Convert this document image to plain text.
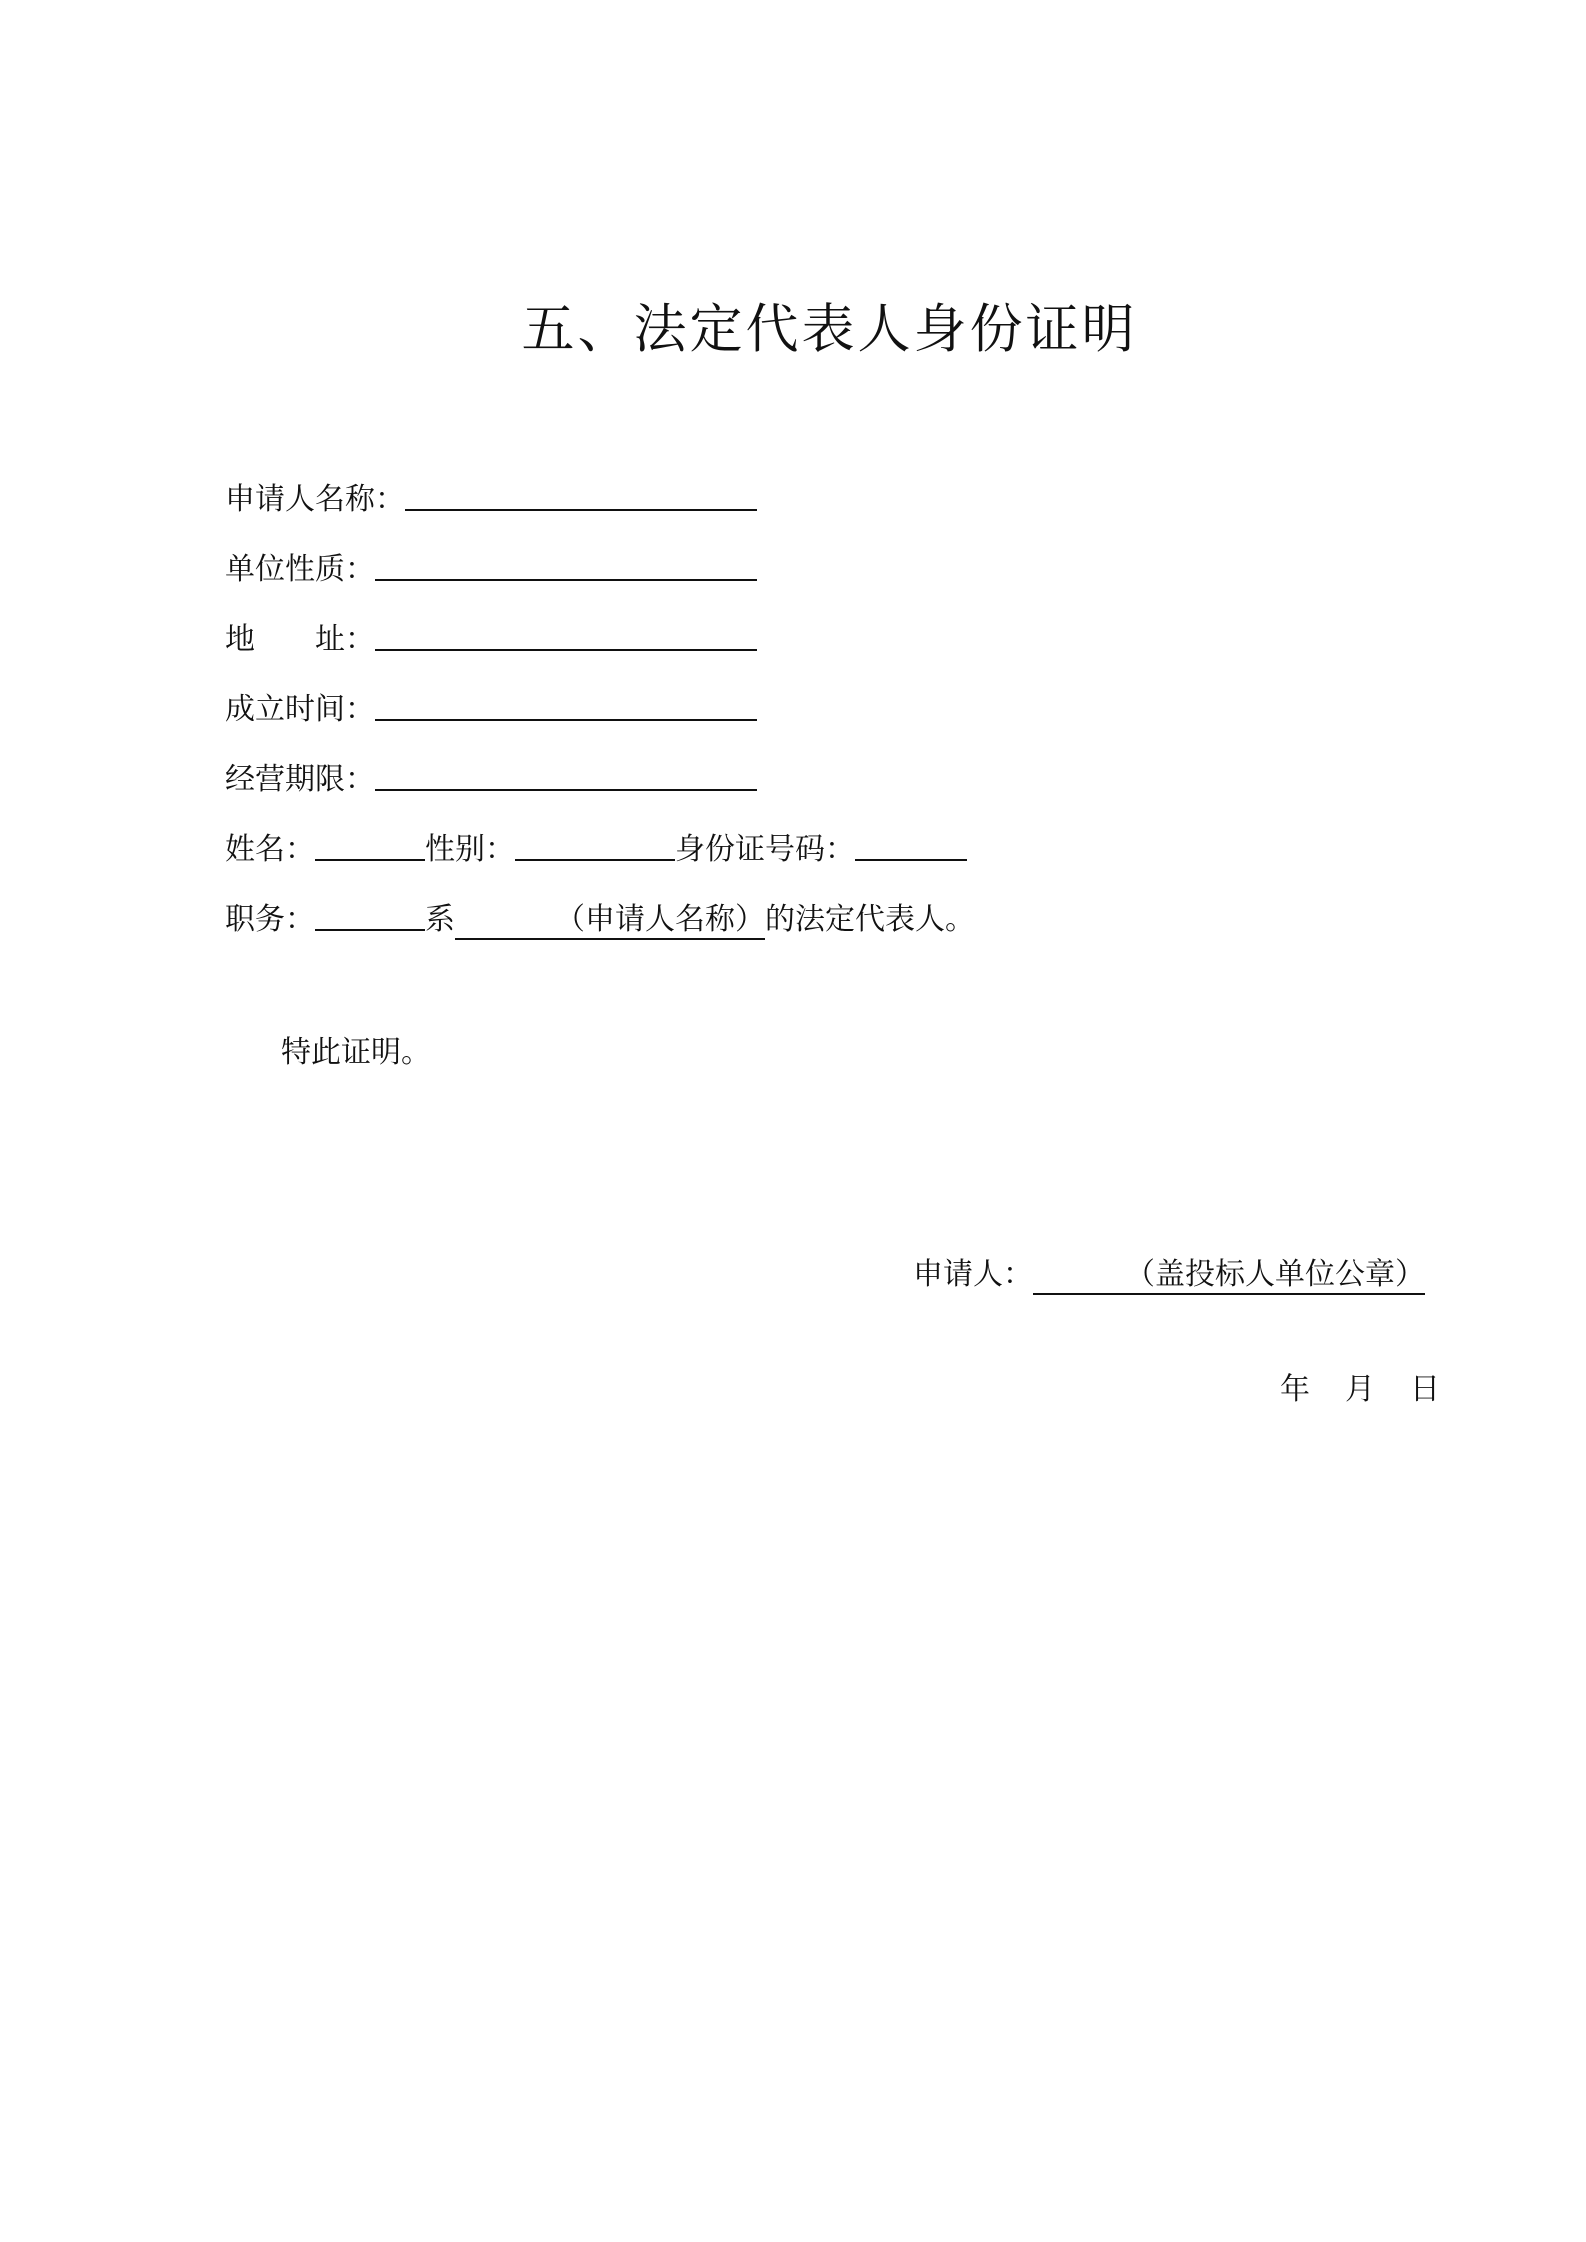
五、法定代表人身份证明
申请人名称：
单位性质：
地　　址：
成立时间：
经营期限：
姓名：	性别：	身份证号码：
职务：	系	（申请人名称）的法定代表人。
特此证明。
申请人：	（盖投标人单位公章）
年 月 日
